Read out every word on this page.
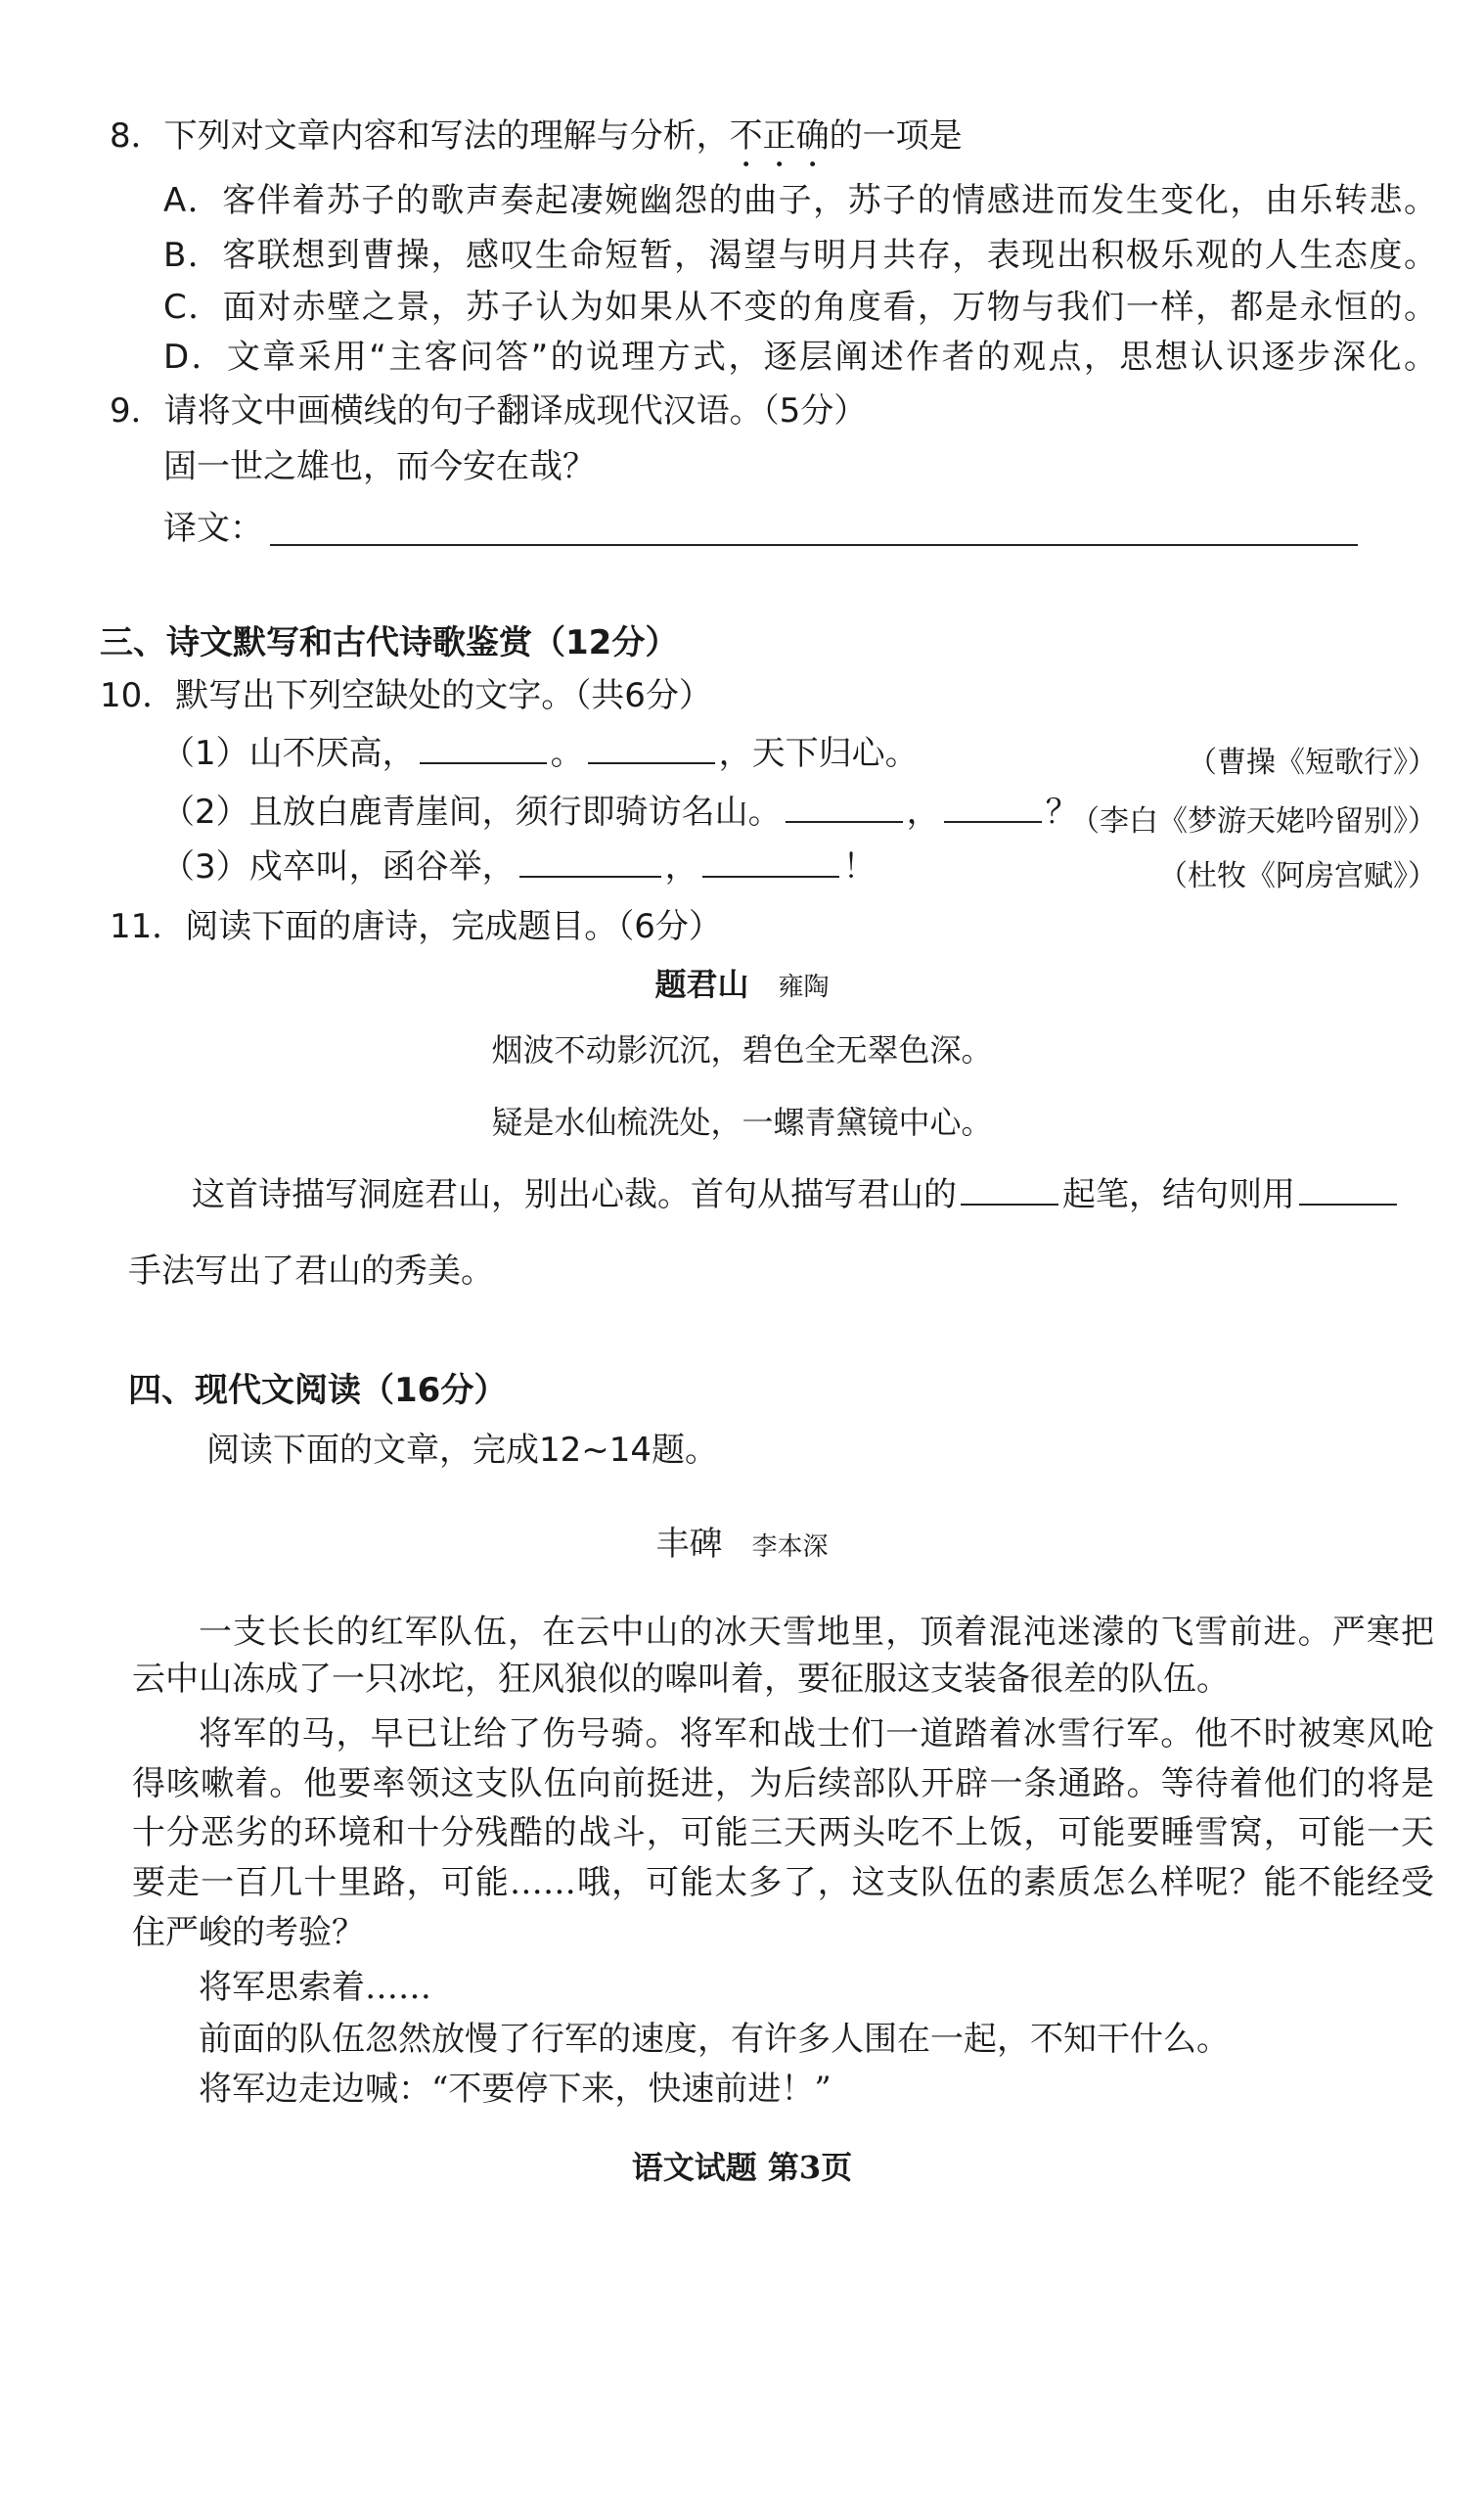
8．下列对文章内容和写法的理解与分析，不正确的一项是
A．客伴着苏子的歌声奏起凄婉幽怨的曲子，苏子的情感进而发生变化，由乐转悲。
B．客联想到曹操，感叹生命短暂，渴望与明月共存，表现出积极乐观的人生态度。
C．面对赤壁之景，苏子认为如果从不变的角度看，万物与我们一样，都是永恒的。
D．文章采用“主客问答”的说理方式，逐层阐述作者的观点，思想认识逐步深化。
9．请将文中画横线的句子翻译成现代汉语。（5分）
固一世之雄也，而今安在哉？
译文：
三、诗文默写和古代诗歌鉴赏（12分）
10．默写出下列空缺处的文字。（共6分）
（1）山不厌高，	。	，天下归心。	（曹操《短歌行》）
（2）且放白鹿青崖间，须行即骑访名山。	，	？
（李白《梦游天姥吟留别》）
（3）戍卒叫，函谷举，	，	！	（杜牧《阿房宫赋》）
11．阅读下面的唐诗，完成题目。（6分）
题君山 雍陶
烟波不动影沉沉，碧色全无翠色深。
疑是水仙梳洗处，一螺青黛镜中心。
这首诗描写洞庭君山，别出心裁。首句从描写君山的	起笔，结句则用
手法写出了君山的秀美。
四、现代文阅读（16分）
阅读下面的文章，完成12~14题。
丰碑 李本深
一支长长的红军队伍，在云中山的冰天雪地里，顶着混沌迷濛的飞雪前进。严寒把
云中山冻成了一只冰坨，狂风狼似的嗥叫着，要征服这支装备很差的队伍。
将军的马，早已让给了伤号骑。将军和战士们一道踏着冰雪行军。他不时被寒风呛
得咳嗽着。他要率领这支队伍向前挺进，为后续部队开辟一条通路。等待着他们的将是
十分恶劣的环境和十分残酷的战斗，可能三天两头吃不上饭，可能要睡雪窝，可能一天
要走一百几十里路，可能……哦，可能太多了，这支队伍的素质怎么样呢？能不能经受
住严峻的考验？
将军思索着……
前面的队伍忽然放慢了行军的速度，有许多人围在一起，不知干什么。
将军边走边喊：“不要停下来，快速前进！”
语文试题 第3页
